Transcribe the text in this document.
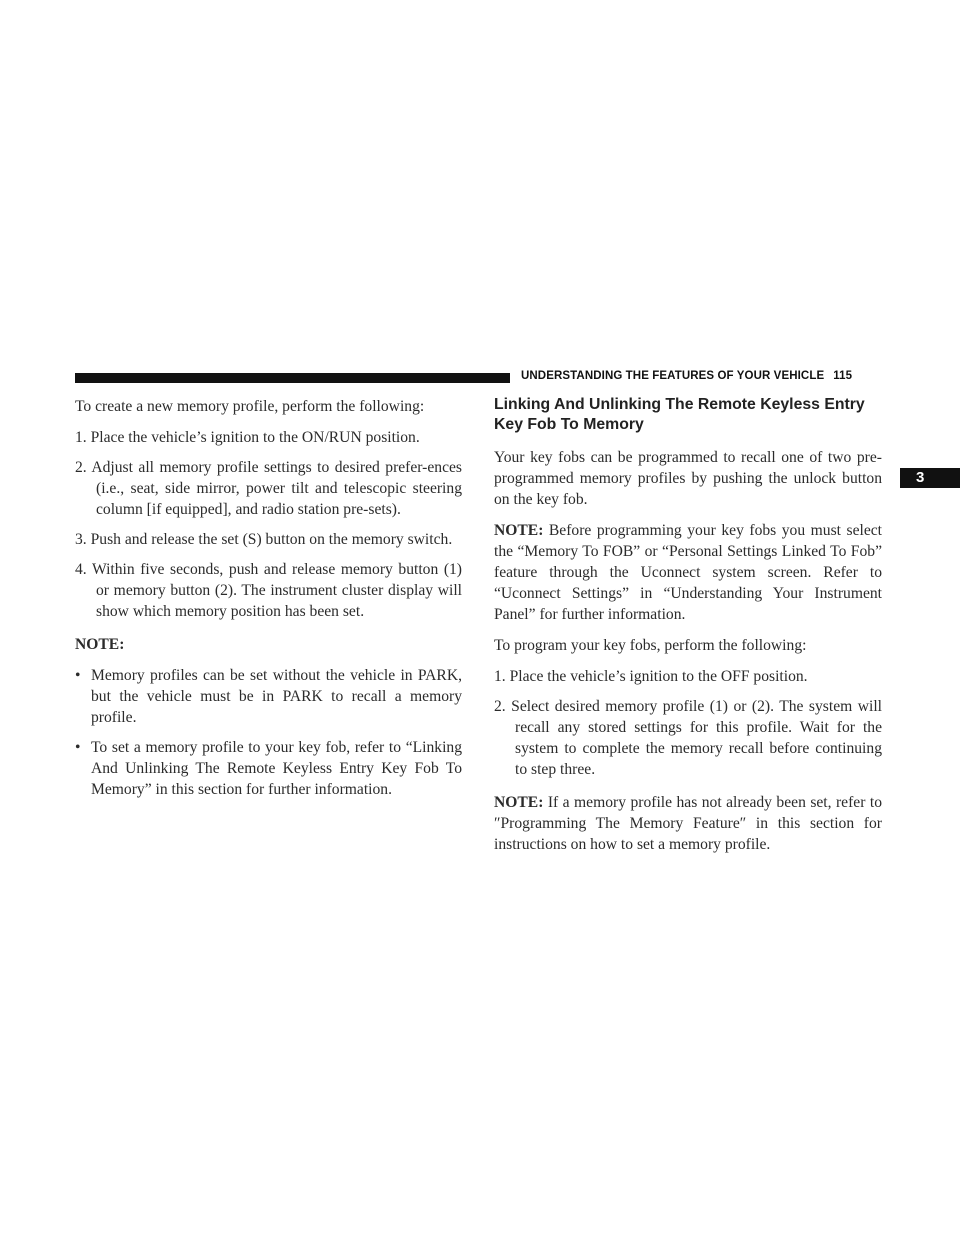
UNDERSTANDING THE FEATURES OF YOUR VEHICLE 115
3

To create a new memory profile, perform the following:

1. Place the vehicle’s ignition to the ON/RUN position.
2. Adjust all memory profile settings to desired prefer-ences (i.e., seat, side mirror, power tilt and telescopic steering column [if equipped], and radio station pre-sets).
3. Push and release the set (S) button on the memory switch.
4. Within five seconds, push and release memory button (1) or memory button (2). The instrument cluster display will show which memory position has been set.
NOTE:
• Memory profiles can be set without the vehicle in PARK, but the vehicle must be in PARK to recall a memory profile.
• To set a memory profile to your key fob, refer to “Linking And Unlinking The Remote Keyless Entry Key Fob To Memory” in this section for further information.
Linking And Unlinking The Remote Keyless Entry Key Fob To Memory

Your key fobs can be programmed to recall one of two pre-programmed memory profiles by pushing the unlock button on the key fob.

NOTE: Before programming your key fobs you must select the “Memory To FOB” or “Personal Settings Linked To Fob” feature through the Uconnect system screen. Refer to “Uconnect Settings” in “Understanding Your Instrument Panel” for further information.

To program your key fobs, perform the following:

1. Place the vehicle’s ignition to the OFF position.
2. Select desired memory profile (1) or (2). The system will recall any stored settings for this profile. Wait for the system to complete the memory recall before continuing to step three.

NOTE: If a memory profile has not already been set, refer to ″Programming The Memory Feature″ in this section for instructions on how to set a memory profile.
